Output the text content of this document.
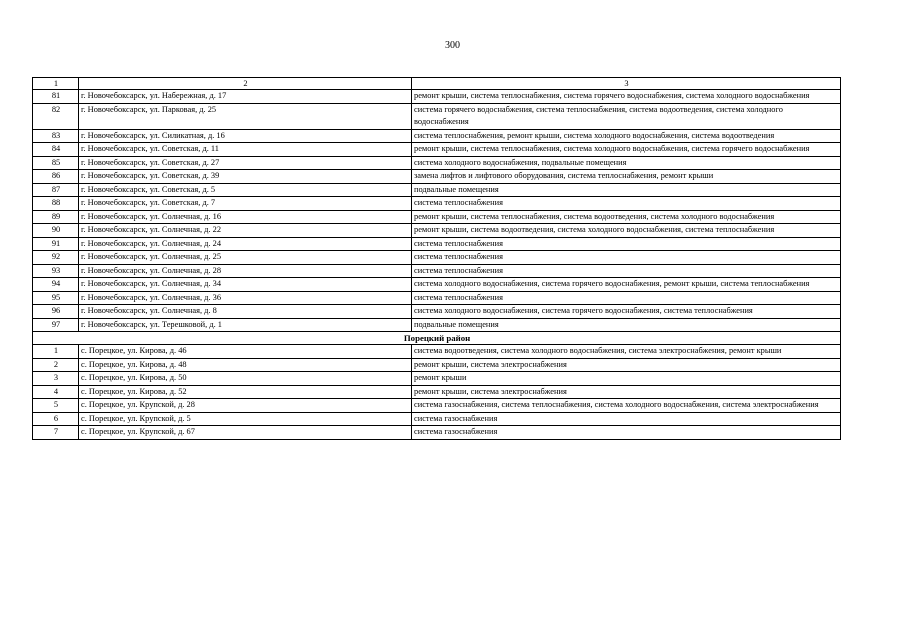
300
1	2	3
81	г. Новочебоксарск, ул. Набережная, д. 17	ремонт крыши, система теплоснабжения, система горячего водоснабжения, система холодного водоснабжения
82	г. Новочебоксарск, ул. Парковая, д. 25	система горячего водоснабжения, система теплоснабжения, система водоотведения, система холодного водоснабжения
83	г. Новочебоксарск, ул. Силикатная, д. 16	система теплоснабжения, ремонт крыши, система холодного водоснабжения, система водоотведения
84	г. Новочебоксарск, ул. Советская, д. 11	ремонт крыши, система теплоснабжения, система холодного водоснабжения, система горячего водоснабжения
85	г. Новочебоксарск, ул. Советская, д. 27	система холодного водоснабжения, подвальные помещения
86	г. Новочебоксарск, ул. Советская, д. 39	замена лифтов и лифтового оборудования, система теплоснабжения, ремонт крыши
87	г. Новочебоксарск, ул. Советская, д. 5	подвальные помещения
88	г. Новочебоксарск, ул. Советская, д. 7	система теплоснабжения
89	г. Новочебоксарск, ул. Солнечная, д. 16	ремонт крыши, система теплоснабжения, система водоотведения, система холодного водоснабжения
90	г. Новочебоксарск, ул. Солнечная, д. 22	ремонт крыши, система водоотведения, система холодного водоснабжения, система теплоснабжения
91	г. Новочебоксарск, ул. Солнечная, д. 24	система теплоснабжения
92	г. Новочебоксарск, ул. Солнечная, д. 25	система теплоснабжения
93	г. Новочебоксарск, ул. Солнечная, д. 28	система теплоснабжения
94	г. Новочебоксарск, ул. Солнечная, д. 34	система холодного водоснабжения, система горячего водоснабжения, ремонт крыши, система теплоснабжения
95	г. Новочебоксарск, ул. Солнечная, д. 36	система теплоснабжения
96	г. Новочебоксарск, ул. Солнечная, д. 8	система холодного водоснабжения, система горячего водоснабжения, система теплоснабжения
97	г. Новочебоксарск, ул. Терешковой, д. 1	подвальные помещения
Порецкий район		
1	с. Порецкое, ул. Кирова, д. 46	система водоотведения, система холодного водоснабжения, система электроснабжения, ремонт крыши
2	с. Порецкое, ул. Кирова, д. 48	ремонт крыши, система электроснабжения
3	с. Порецкое, ул. Кирова, д. 50	ремонт крыши
4	с. Порецкое, ул. Кирова, д. 52	ремонт крыши, система электроснабжения
5	с. Порецкое, ул. Крупской, д. 28	система газоснабжения, система теплоснабжения, система холодного водоснабжения, система электроснабжения
6	с. Порецкое, ул. Крупской, д. 5	система газоснабжения
7	с. Порецкое, ул. Крупской, д. 67	система газоснабжения
